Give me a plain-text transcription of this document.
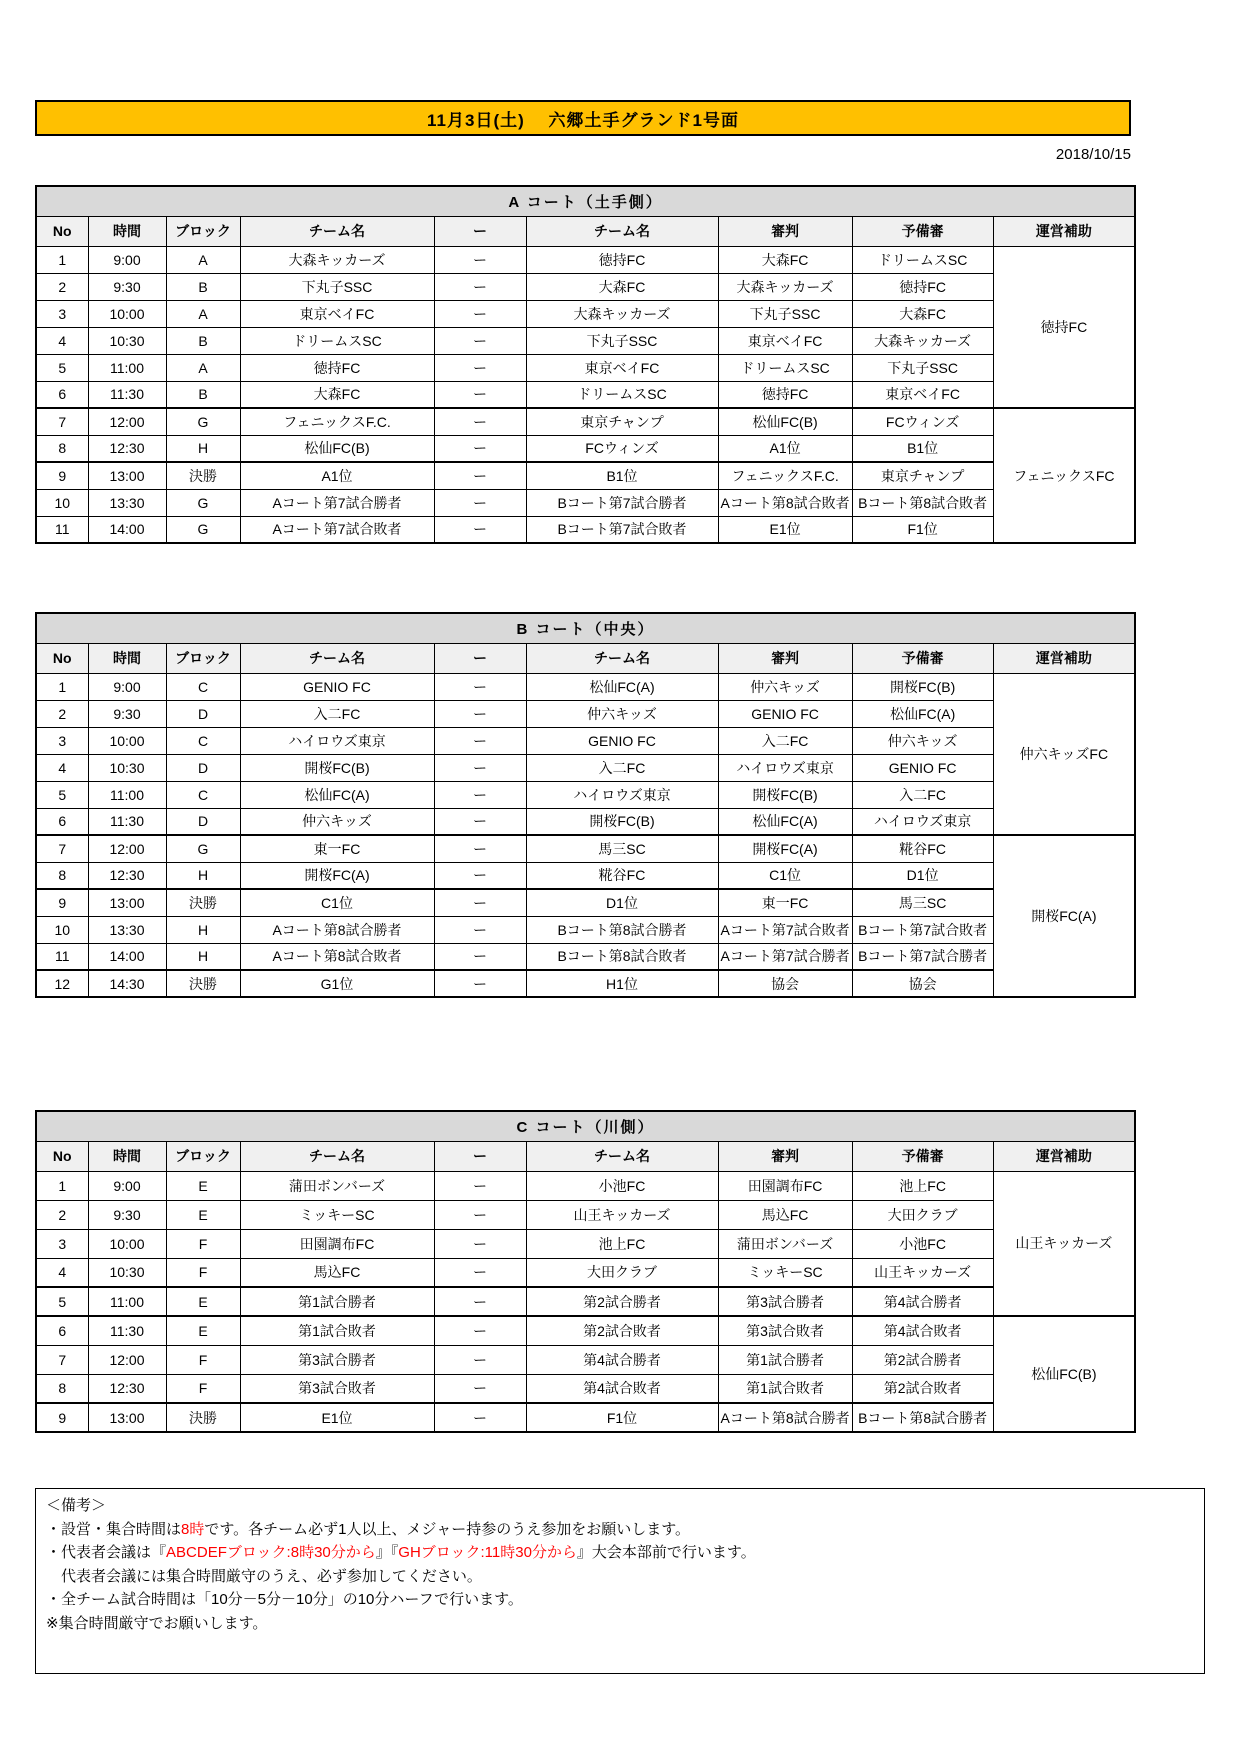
11月3日(土)　 六郷土手グランド1号面
2018/10/15
A コート（土手側）								
No	時間	ブロック	チーム名	ー	チーム名	審判	予備審	運営補助
1	9:00	A	大森キッカーズ	ー	徳持FC	大森FC	ドリームスSC	徳持FC
2	9:30	B	下丸子SSC	ー	大森FC	大森キッカーズ	徳持FC	
3	10:00	A	東京ベイFC	ー	大森キッカーズ	下丸子SSC	大森FC	
4	10:30	B	ドリームスSC	ー	下丸子SSC	東京ベイFC	大森キッカーズ	
5	11:00	A	徳持FC	ー	東京ベイFC	ドリームスSC	下丸子SSC	
6	11:30	B	大森FC	ー	ドリームスSC	徳持FC	東京ベイFC	
7	12:00	G	フェニックスF.C.	ー	東京チャンプ	松仙FC(B)	FCウィンズ	フェニックスFC
8	12:30	H	松仙FC(B)	ー	FCウィンズ	A1位	B1位	
9	13:00	決勝	A1位	ー	B1位	フェニックスF.C.	東京チャンプ	
10	13:30	G	Aコート第7試合勝者	ー	Bコート第7試合勝者	Aコート第8試合敗者	Bコート第8試合敗者	
11	14:00	G	Aコート第7試合敗者	ー	Bコート第7試合敗者	E1位	F1位	
B コート（中央）								
No	時間	ブロック	チーム名	ー	チーム名	審判	予備審	運営補助
1	9:00	C	GENIO FC	ー	松仙FC(A)	仲六キッズ	開桜FC(B)	仲六キッズFC
2	9:30	D	入二FC	ー	仲六キッズ	GENIO FC	松仙FC(A)	
3	10:00	C	ハイロウズ東京	ー	GENIO FC	入二FC	仲六キッズ	
4	10:30	D	開桜FC(B)	ー	入二FC	ハイロウズ東京	GENIO FC	
5	11:00	C	松仙FC(A)	ー	ハイロウズ東京	開桜FC(B)	入二FC	
6	11:30	D	仲六キッズ	ー	開桜FC(B)	松仙FC(A)	ハイロウズ東京	
7	12:00	G	東一FC	ー	馬三SC	開桜FC(A)	糀谷FC	開桜FC(A)
8	12:30	H	開桜FC(A)	ー	糀谷FC	C1位	D1位	
9	13:00	決勝	C1位	ー	D1位	東一FC	馬三SC	
10	13:30	H	Aコート第8試合勝者	ー	Bコート第8試合勝者	Aコート第7試合敗者	Bコート第7試合敗者	
11	14:00	H	Aコート第8試合敗者	ー	Bコート第8試合敗者	Aコート第7試合勝者	Bコート第7試合勝者	
12	14:30	決勝	G1位	ー	H1位	協会	協会	
C コート（川側）								
No	時間	ブロック	チーム名	ー	チーム名	審判	予備審	運営補助
1	9:00	E	蒲田ボンバーズ	ー	小池FC	田園調布FC	池上FC	山王キッカーズ
2	9:30	E	ミッキーSC	ー	山王キッカーズ	馬込FC	大田クラブ	
3	10:00	F	田園調布FC	ー	池上FC	蒲田ボンバーズ	小池FC	
4	10:30	F	馬込FC	ー	大田クラブ	ミッキーSC	山王キッカーズ	
5	11:00	E	第1試合勝者	ー	第2試合勝者	第3試合勝者	第4試合勝者	
6	11:30	E	第1試合敗者	ー	第2試合敗者	第3試合敗者	第4試合敗者	松仙FC(B)
7	12:00	F	第3試合勝者	ー	第4試合勝者	第1試合勝者	第2試合勝者	
8	12:30	F	第3試合敗者	ー	第4試合敗者	第1試合敗者	第2試合敗者	
9	13:00	決勝	E1位	ー	F1位	Aコート第8試合勝者	Bコート第8試合勝者	
＜備考＞
・設営・集合時間は8時です。各チーム必ず1人以上、メジャー持参のうえ参加をお願いします。
・代表者会議は『ABCDEFブロック:8時30分から』『GHブロック:11時30分から』大会本部前で行います。
　代表者会議には集合時間厳守のうえ、必ず参加してください。
・全チーム試合時間は「10分－5分－10分」の10分ハーフで行います。
※集合時間厳守でお願いします。
